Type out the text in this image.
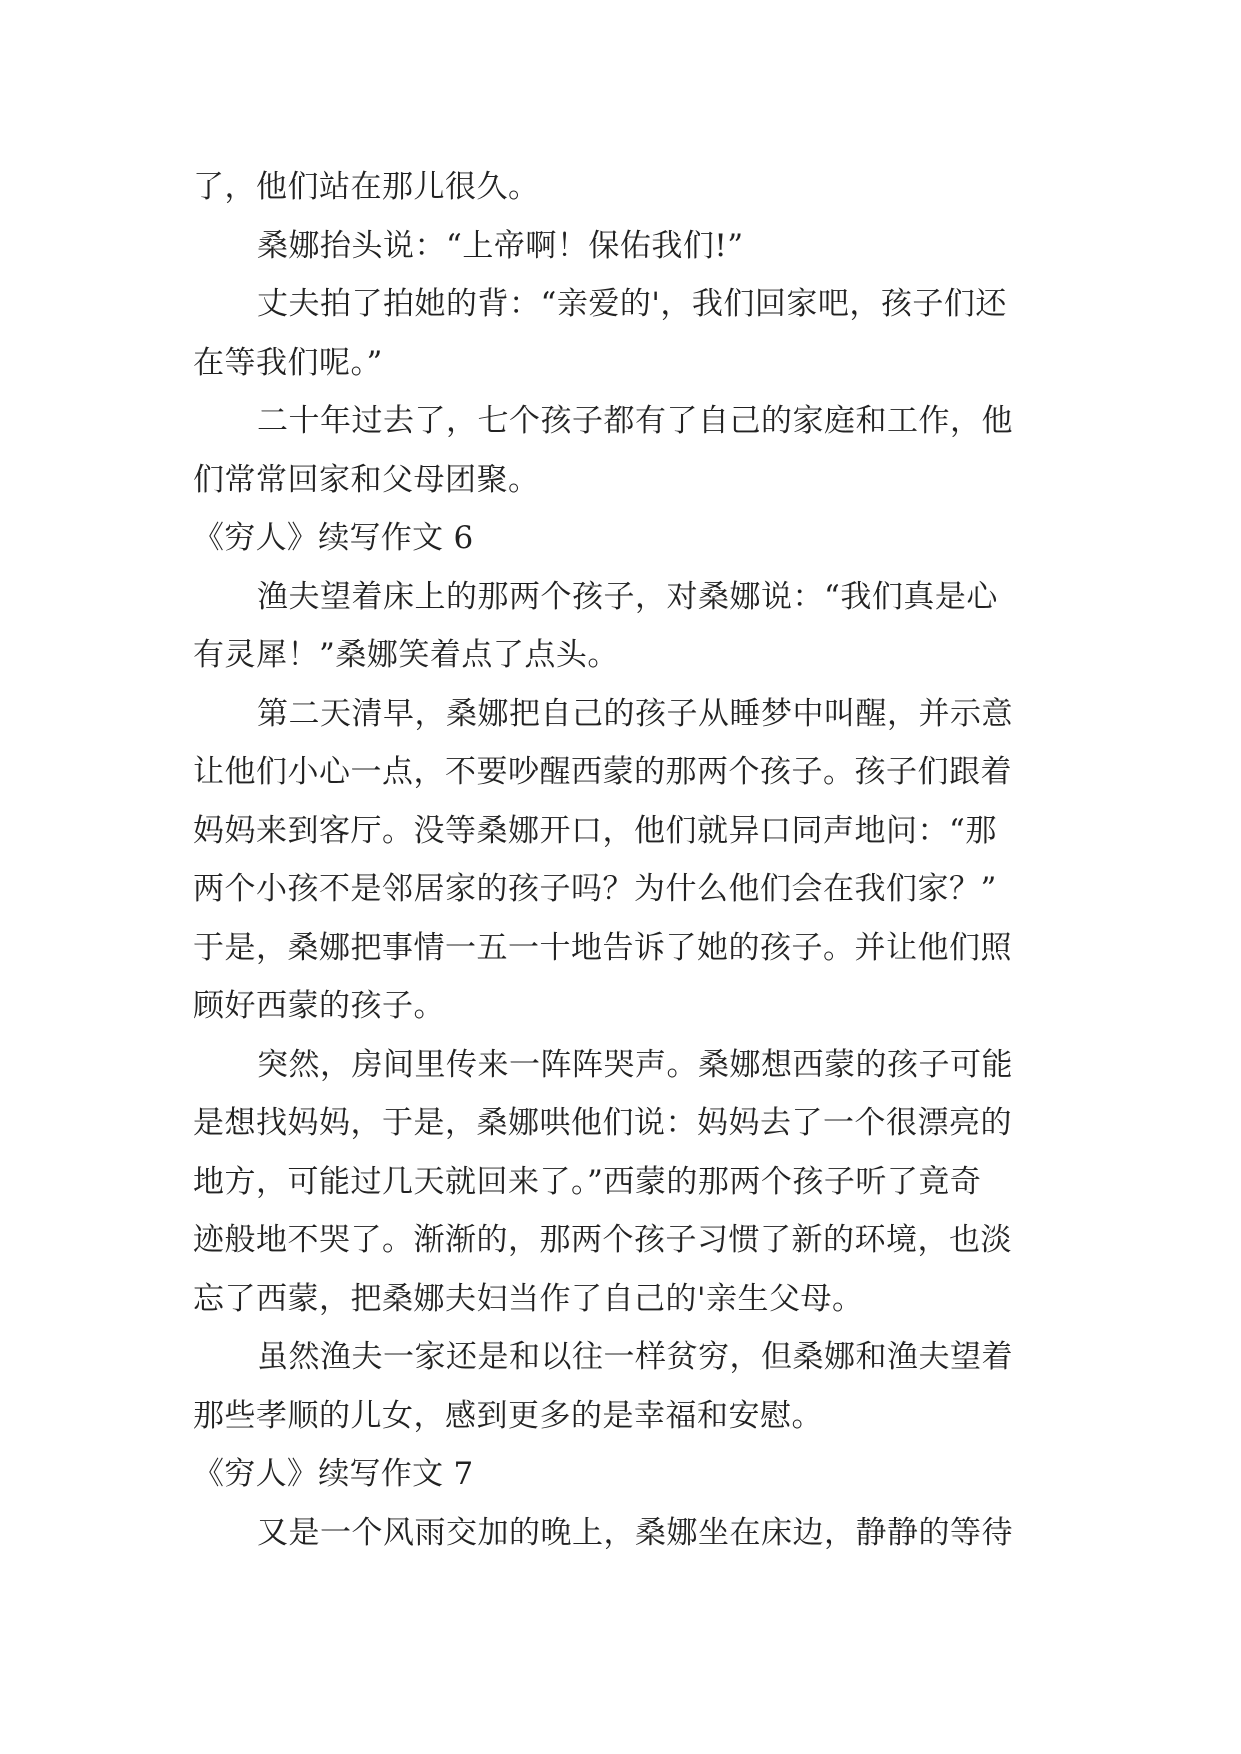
了，他们站在那儿很久。
桑娜抬头说：“上帝啊！保佑我们!”
丈夫拍了拍她的背：“亲爱的'，我们回家吧，孩子们还
在等我们呢。”
二十年过去了，七个孩子都有了自己的家庭和工作，他
们常常回家和父母团聚。
《穷人》续写作文 6
渔夫望着床上的那两个孩子，对桑娜说：“我们真是心
有灵犀！”桑娜笑着点了点头。
第二天清早，桑娜把自己的孩子从睡梦中叫醒，并示意
让他们小心一点，不要吵醒西蒙的那两个孩子。孩子们跟着
妈妈来到客厅。没等桑娜开口，他们就异口同声地问：“那
两个小孩不是邻居家的孩子吗？为什么他们会在我们家？”
于是，桑娜把事情一五一十地告诉了她的孩子。并让他们照
顾好西蒙的孩子。
突然，房间里传来一阵阵哭声。桑娜想西蒙的孩子可能
是想找妈妈，于是，桑娜哄他们说：妈妈去了一个很漂亮的
地方，可能过几天就回来了。”西蒙的那两个孩子听了竟奇
迹般地不哭了。渐渐的，那两个孩子习惯了新的环境，也淡
忘了西蒙，把桑娜夫妇当作了自己的'亲生父母。
虽然渔夫一家还是和以往一样贫穷，但桑娜和渔夫望着
那些孝顺的儿女，感到更多的是幸福和安慰。
《穷人》续写作文 7
又是一个风雨交加的晚上，桑娜坐在床边，静静的等待
